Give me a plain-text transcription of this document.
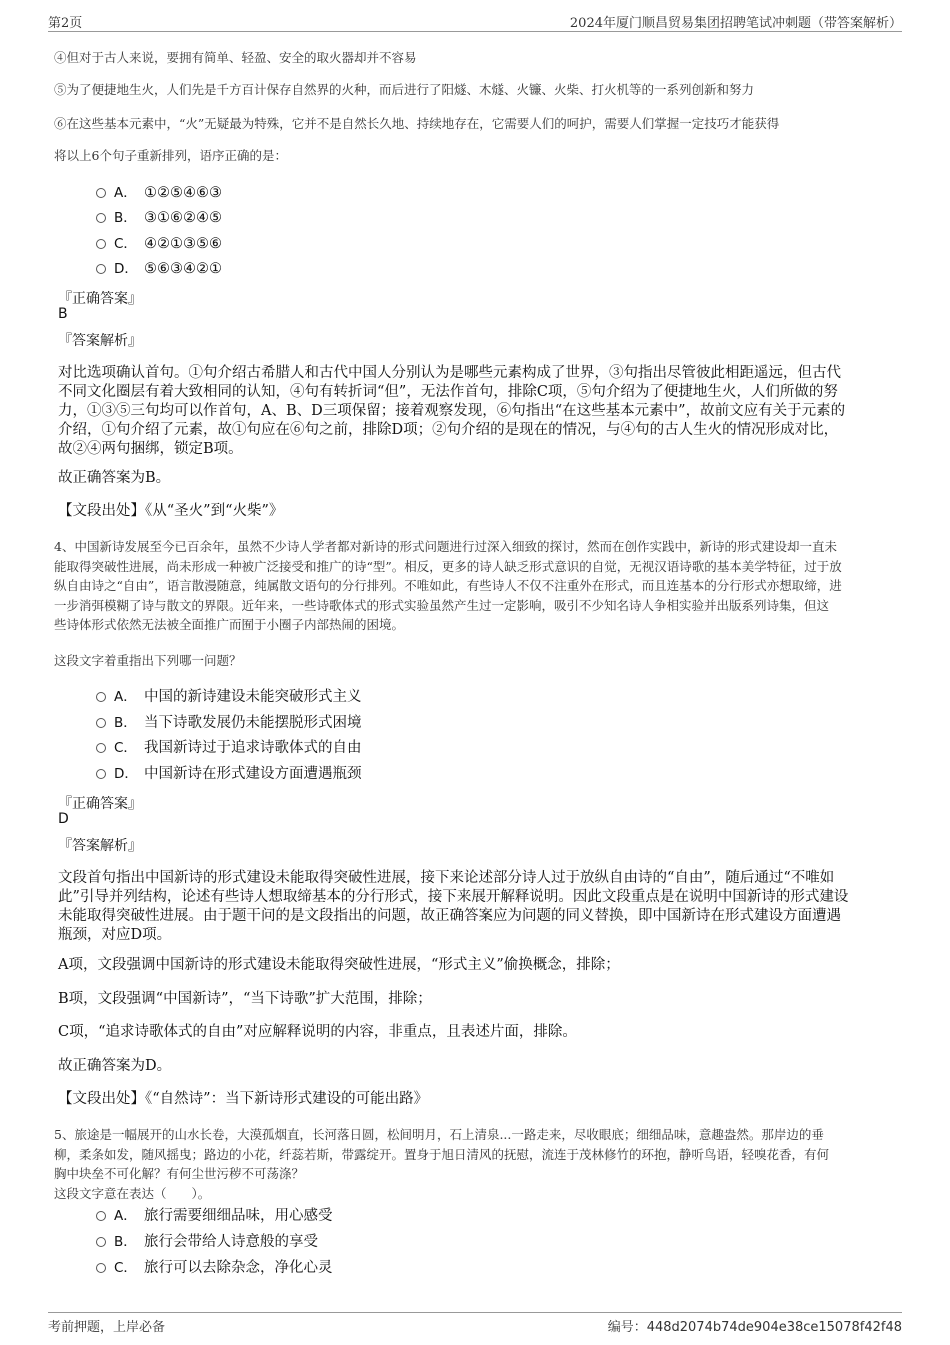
第2页	2024年厦门顺昌贸易集团招聘笔试冲刺题（带答案解析）
④但对于古人来说，要拥有简单、轻盈、安全的取火器却并不容易
⑤为了便捷地生火，人们先是千方百计保存自然界的火种，而后进行了阳燧、木燧、火镰、火柴、打火机等的一系列创新和努力
⑥在这些基本元素中，“火”无疑最为特殊，它并不是自然长久地、持续地存在，它需要人们的呵护，需要人们掌握一定技巧才能获得
将以上6个句子重新排列，语序正确的是：
A． ①②⑤④⑥③
B． ③①⑥②④⑤
C． ④②①③⑤⑥
D． ⑤⑥③④②①
『正确答案』
B
『答案解析』
对比选项确认首句。①句介绍古希腊人和古代中国人分别认为是哪些元素构成了世界，③句指出尽管彼此相距遥远，但古代
不同文化圈层有着大致相同的认知，④句有转折词“但”，无法作首句，排除C项，⑤句介绍为了便捷地生火，人们所做的努
力，①③⑤三句均可以作首句，A、B、D三项保留；接着观察发现，⑥句指出“在这些基本元素中”，故前文应有关于元素的
介绍，①句介绍了元素，故①句应在⑥句之前，排除D项；②句介绍的是现在的情况，与④句的古人生火的情况形成对比，
故②④两句捆绑，锁定B项。
故正确答案为B。
【文段出处】《从“圣火”到“火柴”》
4、中国新诗发展至今已百余年，虽然不少诗人学者都对新诗的形式问题进行过深入细致的探讨，然而在创作实践中，新诗的形式建设却一直未
能取得突破性进展，尚未形成一种被广泛接受和推广的诗“型”。相反，更多的诗人缺乏形式意识的自觉，无视汉语诗歌的基本美学特征，过于放
纵自由诗之“自由”，语言散漫随意，纯属散文语句的分行排列。不唯如此，有些诗人不仅不注重外在形式，而且连基本的分行形式亦想取缔，进
一步消弭模糊了诗与散文的界限。近年来，一些诗歌体式的形式实验虽然产生过一定影响，吸引不少知名诗人争相实验并出版系列诗集，但这
些诗体形式依然无法被全面推广而囿于小圈子内部热闹的困境。
这段文字着重指出下列哪一问题？
A． 中国的新诗建设未能突破形式主义
B． 当下诗歌发展仍未能摆脱形式困境
C． 我国新诗过于追求诗歌体式的自由
D． 中国新诗在形式建设方面遭遇瓶颈
『正确答案』
D
『答案解析』
文段首句指出中国新诗的形式建设未能取得突破性进展，接下来论述部分诗人过于放纵自由诗的“自由”，随后通过“不唯如
此”引导并列结构，论述有些诗人想取缔基本的分行形式，接下来展开解释说明。因此文段重点是在说明中国新诗的形式建设
未能取得突破性进展。由于题干问的是文段指出的问题，故正确答案应为问题的同义替换，即中国新诗在形式建设方面遭遇
瓶颈，对应D项。
A项，文段强调中国新诗的形式建设未能取得突破性进展，“形式主义”偷换概念，排除；
B项，文段强调“中国新诗”，“当下诗歌”扩大范围，排除；
C项，“追求诗歌体式的自由”对应解释说明的内容，非重点，且表述片面，排除。
故正确答案为D。
【文段出处】《“自然诗”：当下新诗形式建设的可能出路》
5、旅途是一幅展开的山水长卷，大漠孤烟直，长河落日圆，松间明月，石上清泉...一路走来，尽收眼底；细细品味，意趣盎然。那岸边的垂
柳，柔条如发，随风摇曳；路边的小花，纤蕊若斯，带露绽开。置身于旭日清风的抚慰，流连于茂林修竹的环抱，静听鸟语，轻嗅花香，有何
胸中块垒不可化解？有何尘世污秽不可荡涤？
这段文字意在表达（　　）。
A． 旅行需要细细品味，用心感受
B． 旅行会带给人诗意般的享受
C． 旅行可以去除杂念，净化心灵
考前押题，上岸必备	编号：448d2074b74de904e38ce15078f42f48
